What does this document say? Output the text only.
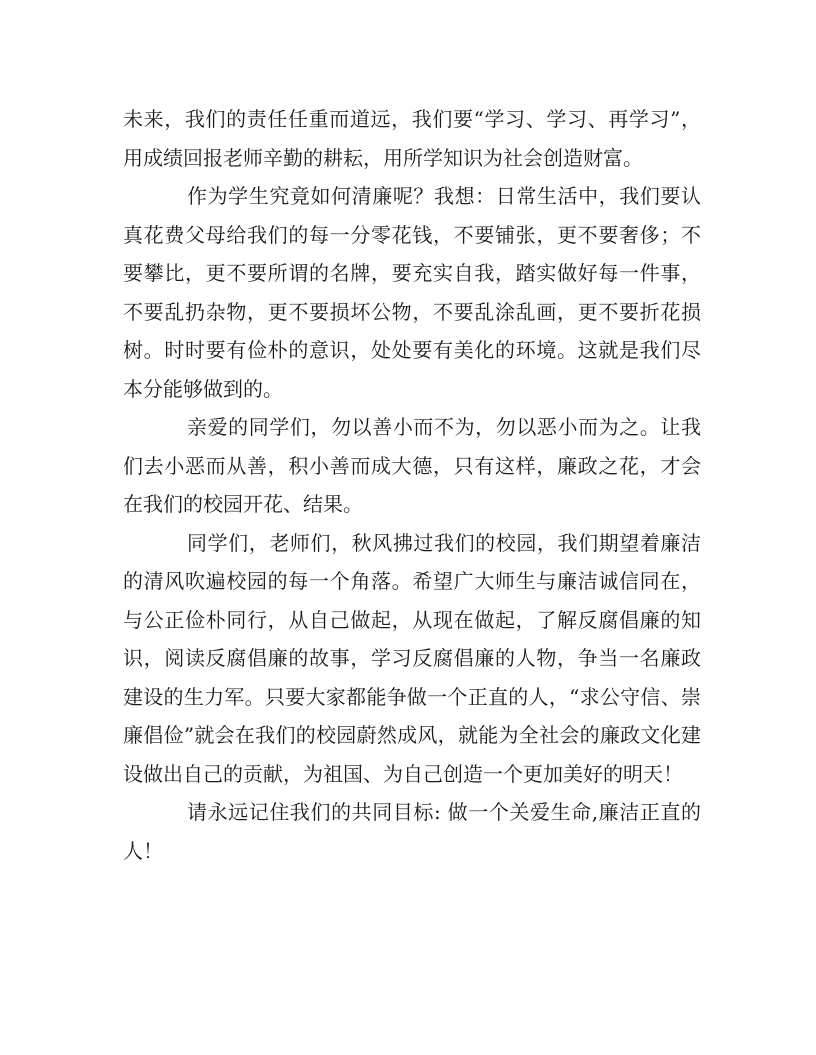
未来，我们的责任任重而道远，我们要“学习、学习、再学习”，用成绩回报老师辛勤的耕耘，用所学知识为社会创造财富。

作为学生究竟如何清廉呢？我想：日常生活中，我们要认真花费父母给我们的每一分零花钱，不要铺张，更不要奢侈；不要攀比，更不要所谓的名牌，要充实自我，踏实做好每一件事，不要乱扔杂物，更不要损坏公物，不要乱涂乱画，更不要折花损树。时时要有俭朴的意识，处处要有美化的环境。这就是我们尽本分能够做到的。

亲爱的同学们，勿以善小而不为，勿以恶小而为之。让我们去小恶而从善，积小善而成大德，只有这样，廉政之花，才会在我们的校园开花、结果。

同学们，老师们，秋风拂过我们的校园，我们期望着廉洁的清风吹遍校园的每一个角落。希望广大师生与廉洁诚信同在，与公正俭朴同行，从自己做起，从现在做起，了解反腐倡廉的知识，阅读反腐倡廉的故事，学习反腐倡廉的人物，争当一名廉政建设的生力军。只要大家都能争做一个正直的人，“求公守信、崇廉倡俭”就会在我们的校园蔚然成风，就能为全社会的廉政文化建设做出自己的贡献，为祖国、为自己创造一个更加美好的明天！

请永远记住我们的共同目标: 做一个关爱生命,廉洁正直的人！
